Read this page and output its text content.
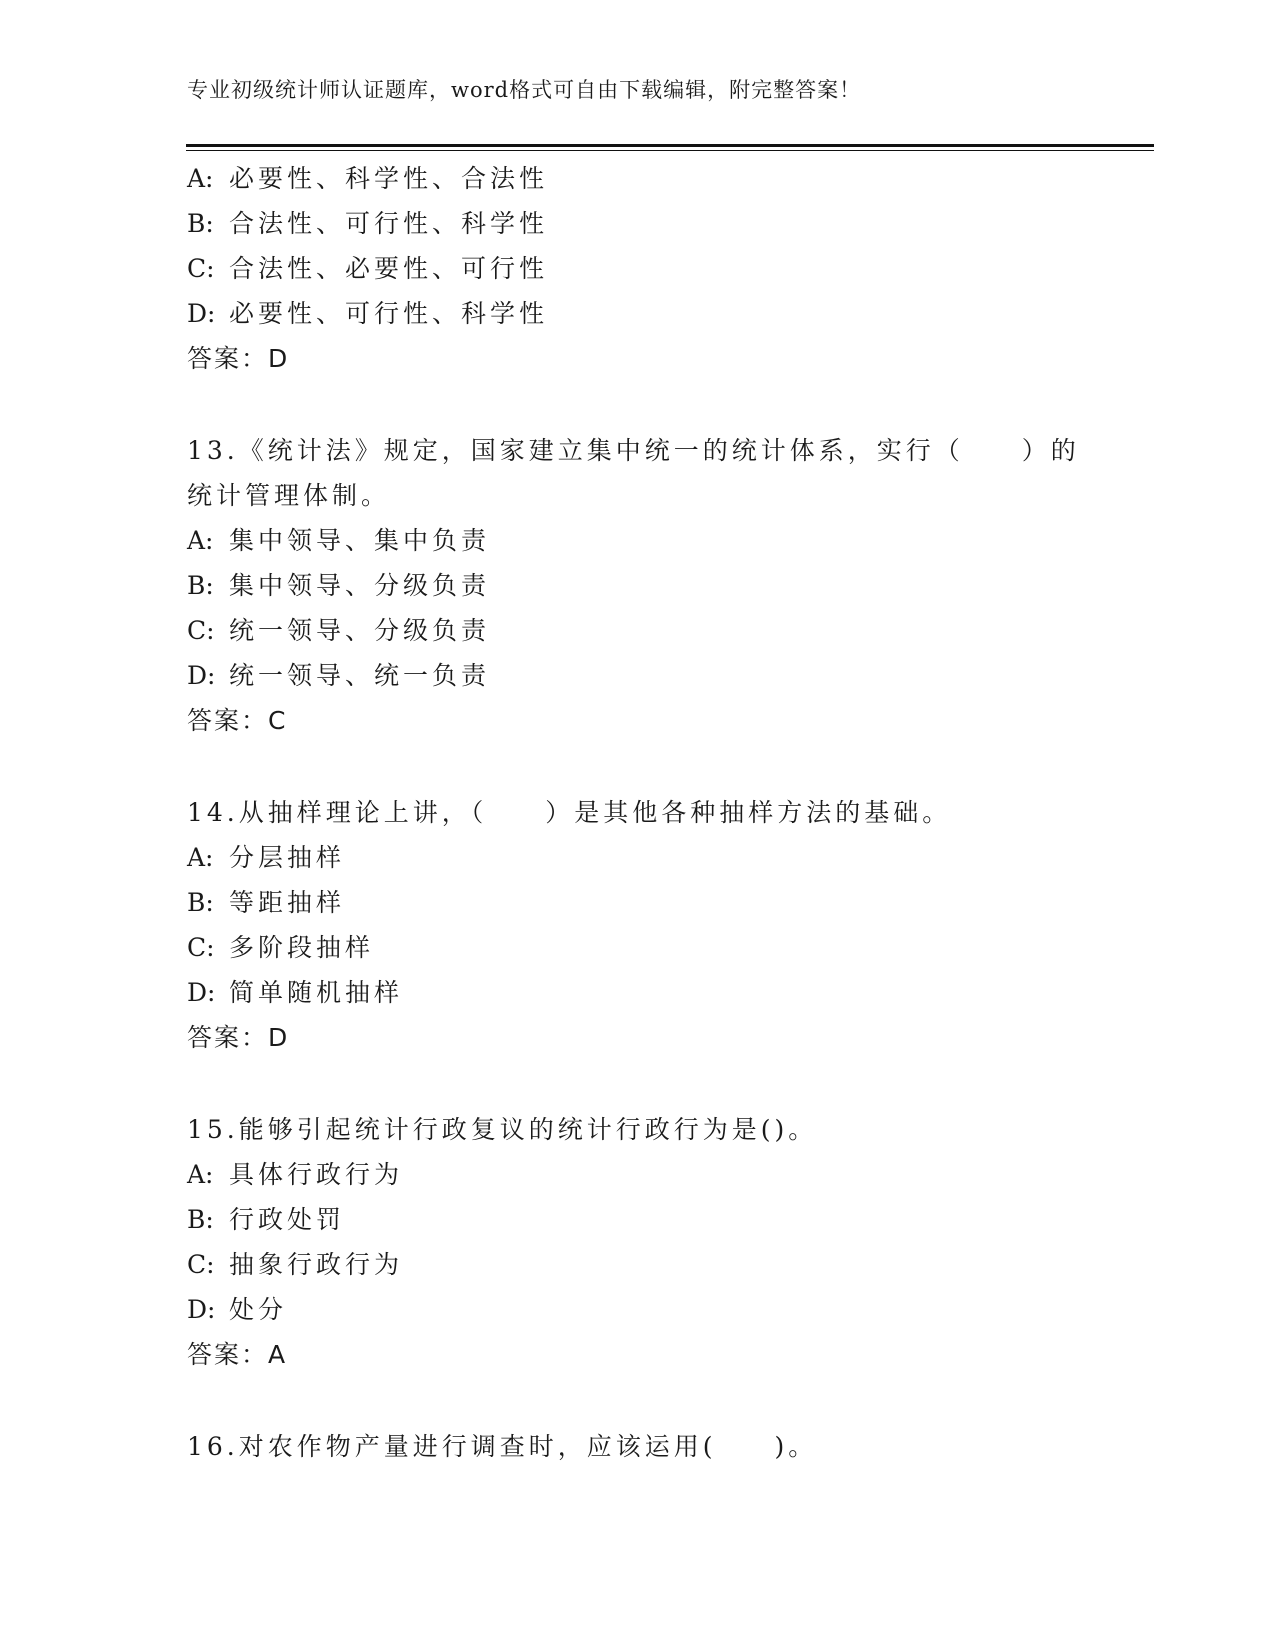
专业初级统计师认证题库，word格式可自由下载编辑，附完整答案！
A: 必要性、科学性、合法性
B: 合法性、可行性、科学性
C: 合法性、必要性、可行性
D: 必要性、可行性、科学性
答案：D
13.《统计法》规定，国家建立集中统一的统计体系，实行（　　）的
统计管理体制。
A: 集中领导、集中负责
B: 集中领导、分级负责
C: 统一领导、分级负责
D: 统一领导、统一负责
答案：C
14.从抽样理论上讲，（　　）是其他各种抽样方法的基础。
A: 分层抽样
B: 等距抽样
C: 多阶段抽样
D: 简单随机抽样
答案：D
15.能够引起统计行政复议的统计行政行为是()。
A: 具体行政行为
B: 行政处罚
C: 抽象行政行为
D: 处分
答案：A
16.对农作物产量进行调查时，应该运用(　　)。
